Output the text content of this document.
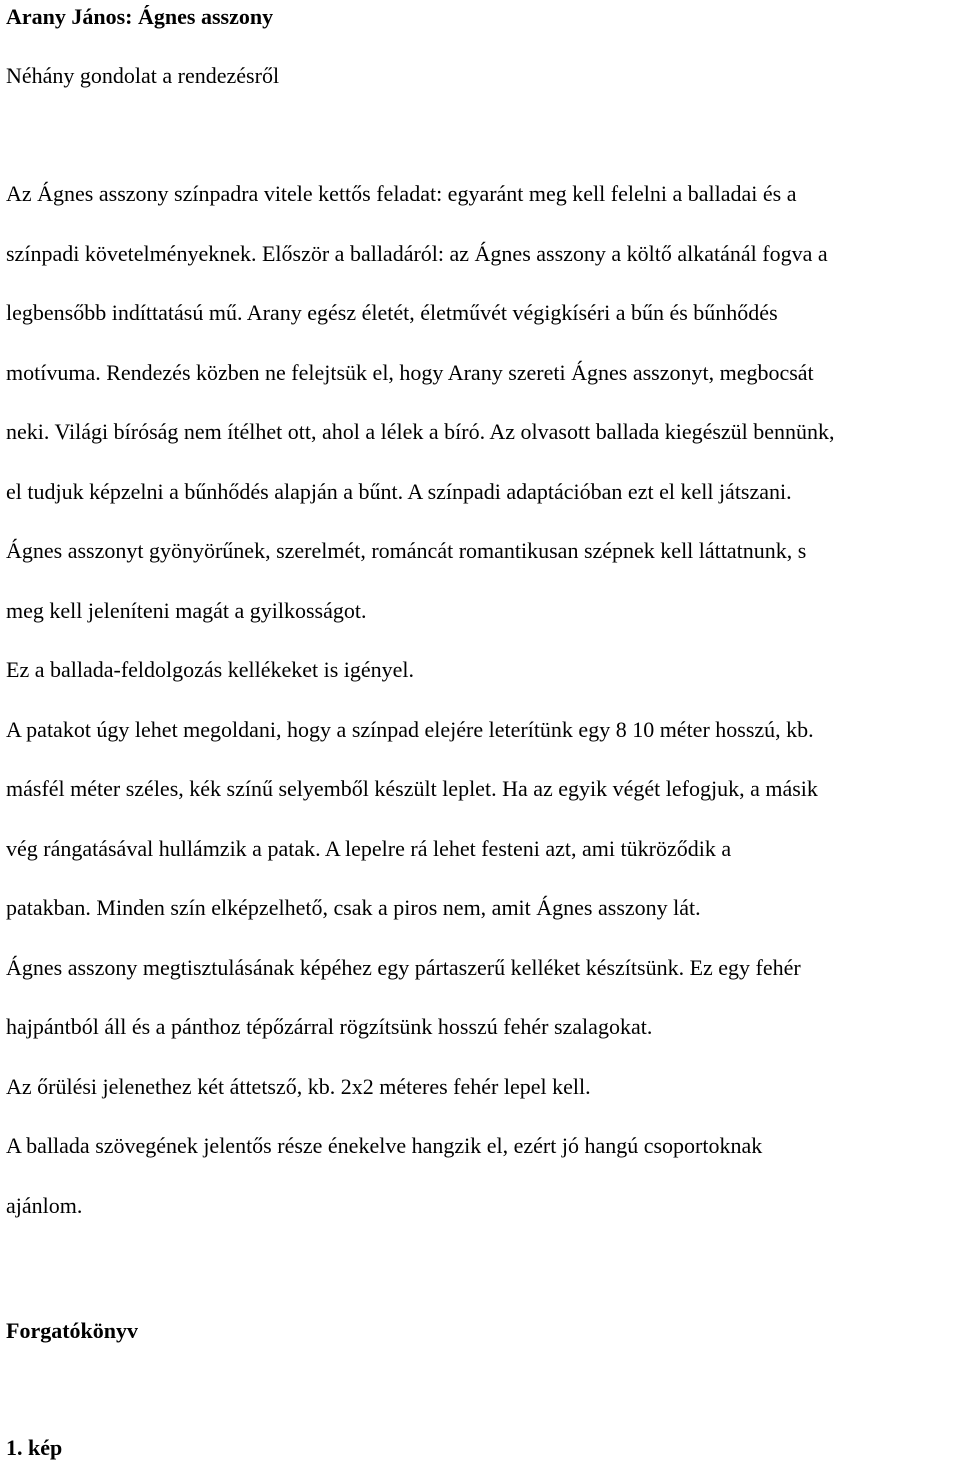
Arany János: Ágnes asszony
Néhány gondolat a rendezésről
Az Ágnes asszony színpadra vitele kettős feladat: egyaránt meg kell felelni a balladai és a
színpadi követelményeknek. Először a balladáról: az Ágnes asszony a költő alkatánál fogva a
legbensőbb indíttatású mű. Arany egész életét, életművét végigkíséri a bűn és bűnhődés
motívuma. Rendezés közben ne felejtsük el, hogy Arany szereti Ágnes asszonyt, megbocsát
neki. Világi bíróság nem ítélhet ott, ahol a lélek a bíró. Az olvasott ballada kiegészül bennünk,
el tudjuk képzelni a bűnhődés alapján a bűnt. A színpadi adaptációban ezt el kell játszani.
Ágnes asszonyt gyönyörűnek, szerelmét, románcát romantikusan szépnek kell láttatnunk, s
meg kell jeleníteni magát a gyilkosságot.
Ez a ballada-feldolgozás kellékeket is igényel.
A patakot úgy lehet megoldani, hogy a színpad elejére leterítünk egy 8 10 méter hosszú, kb.
másfél méter széles, kék színű selyemből készült leplet. Ha az egyik végét lefogjuk, a másik
vég rángatásával hullámzik a patak. A lepelre rá lehet festeni azt, ami tükröződik a
patakban. Minden szín elképzelhető, csak a piros nem, amit Ágnes asszony lát.
Ágnes asszony megtisztulásának képéhez egy pártaszerű kelléket készítsünk. Ez egy fehér
hajpántból áll és a pánthoz tépőzárral rögzítsünk hosszú fehér szalagokat.
Az őrülési jelenethez két áttetsző, kb. 2x2 méteres fehér lepel kell.
A ballada szövegének jelentős része énekelve hangzik el, ezért jó hangú csoportoknak
ajánlom.
Forgatókönyv
1. kép
